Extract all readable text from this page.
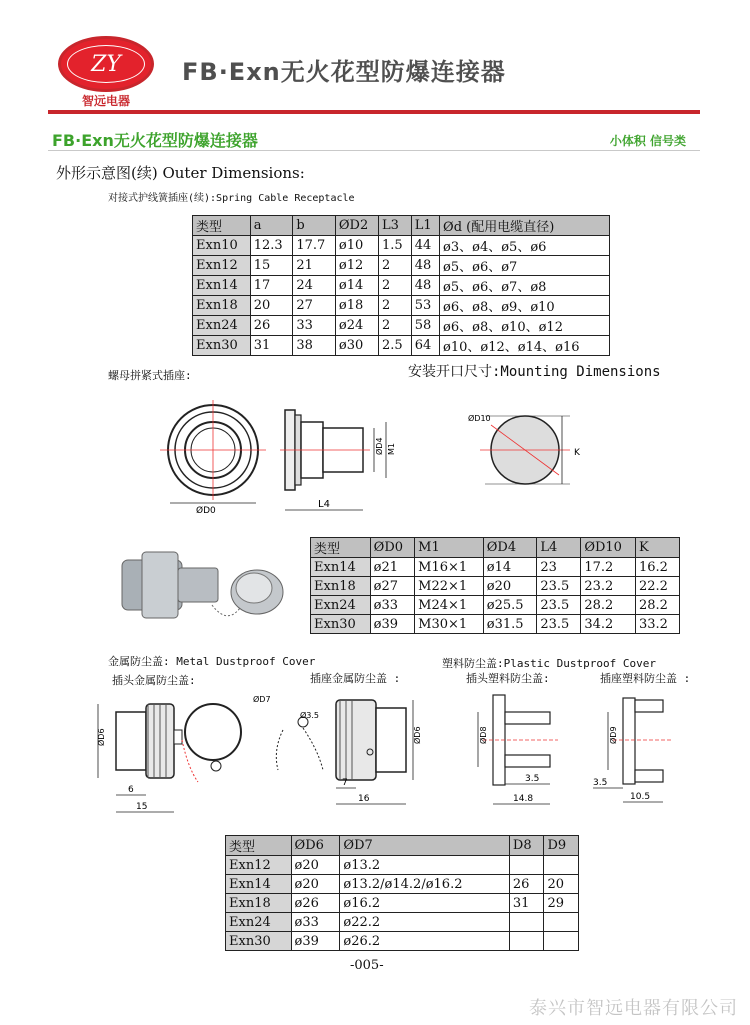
ZY
智远电器
FB·Exn无火花型防爆连接器
FB·Exn无火花型防爆连接器	小体积 信号类
外形示意图(续) Outer Dimensions:
对接式护线簧插座(续):Spring Cable Receptacle
类型	a	b	ØD2	L3	L1	Ød (配用电缆直径)
Exn10	12.3	17.7	ø10	1.5	44	ø3、ø4、ø5、ø6
Exn12	15	21	ø12	2	48	ø5、ø6、ø7
Exn14	17	24	ø14	2	48	ø5、ø6、ø7、ø8
Exn18	20	27	ø18	2	53	ø6、ø8、ø9、ø10
Exn24	26	33	ø24	2	58	ø6、ø8、ø10、ø12
Exn30	31	38	ø30	2.5	64	ø10、ø12、ø14、ø16
螺母拼紧式插座:	安装开口尺寸:Mounting Dimensions
ØD0
ØD4 M1
L4
ØD10
K
类型	ØD0	M1	ØD4	L4	ØD10	K
Exn14	ø21	M16×1	ø14	23	17.2	16.2
Exn18	ø27	M22×1	ø20	23.5	23.2	22.2
Exn24	ø33	M24×1	ø25.5	23.5	28.2	28.2
Exn30	ø39	M30×1	ø31.5	23.5	34.2	33.2
金属防尘盖: Metal Dustproof Cover	塑料防尘盖:Plastic Dustproof Cover
插头金属防尘盖:	插座金属防尘盖 :	插头塑料防尘盖:	插座塑料防尘盖 :
ØD6
ØD7
6
15
Ø3.5
ØD6
7
16
ØD8
3.5
14.8
ØD9
3.5
10.5
类型	ØD6	ØD7	D8	D9
Exn12	ø20	ø13.2		
Exn14	ø20	ø13.2/ø14.2/ø16.2	26	20
Exn18	ø26	ø16.2	31	29
Exn24	ø33	ø22.2		
Exn30	ø39	ø26.2		
-005-
泰兴市智远电器有限公司
